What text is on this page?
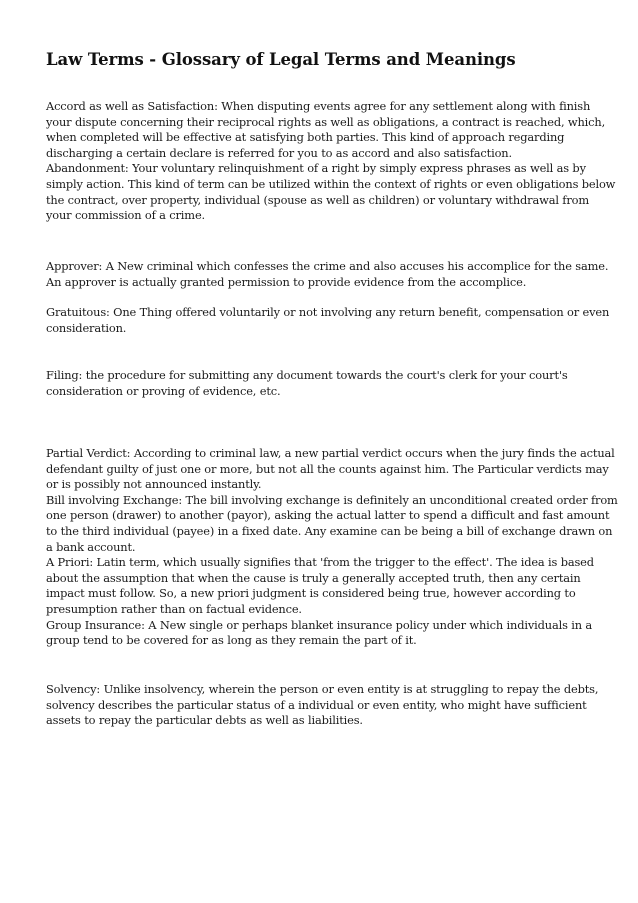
Law Terms - Glossary of Legal Terms and Meanings

Accord as well as Satisfaction: When disputing events agree for any settlement along with finish
your dispute concerning their reciprocal rights as well as obligations, a contract is reached, which,
when completed will be effective at satisfying both parties. This kind of approach regarding
discharging a certain declare is referred for you to as accord and also satisfaction.
Abandonment: Your voluntary relinquishment of a right by simply express phrases as well as by
simply action. This kind of term can be utilized within the context of rights or even obligations below
the contract, over property, individual (spouse as well as children) or voluntary withdrawal from
your commission of a crime.

Approver: A New criminal which confesses the crime and also accuses his accomplice for the same.
An approver is actually granted permission to provide evidence from the accomplice.

Gratuitous: One Thing offered voluntarily or not involving any return benefit, compensation or even
consideration.

Filing: the procedure for submitting any document towards the court's clerk for your court's
consideration or proving of evidence, etc.

Partial Verdict: According to criminal law, a new partial verdict occurs when the jury finds the actual
defendant guilty of just one or more, but not all the counts against him. The Particular verdicts may
or is possibly not announced instantly.
Bill involving Exchange: The bill involving exchange is definitely an unconditional created order from
one person (drawer) to another (payor), asking the actual latter to spend a difficult and fast amount
to the third individual (payee) in a fixed date. Any examine can be being a bill of exchange drawn on
a bank account.
A Priori: Latin term, which usually signifies that 'from the trigger to the effect'. The idea is based
about the assumption that when the cause is truly a generally accepted truth, then any certain
impact must follow. So, a new priori judgment is considered being true, however according to
presumption rather than on factual evidence.
Group Insurance: A New single or perhaps blanket insurance policy under which individuals in a
group tend to be covered for as long as they remain the part of it.

Solvency: Unlike insolvency, wherein the person or even entity is at struggling to repay the debts,
solvency describes the particular status of a individual or even entity, who might have sufficient
assets to repay the particular debts as well as liabilities.
